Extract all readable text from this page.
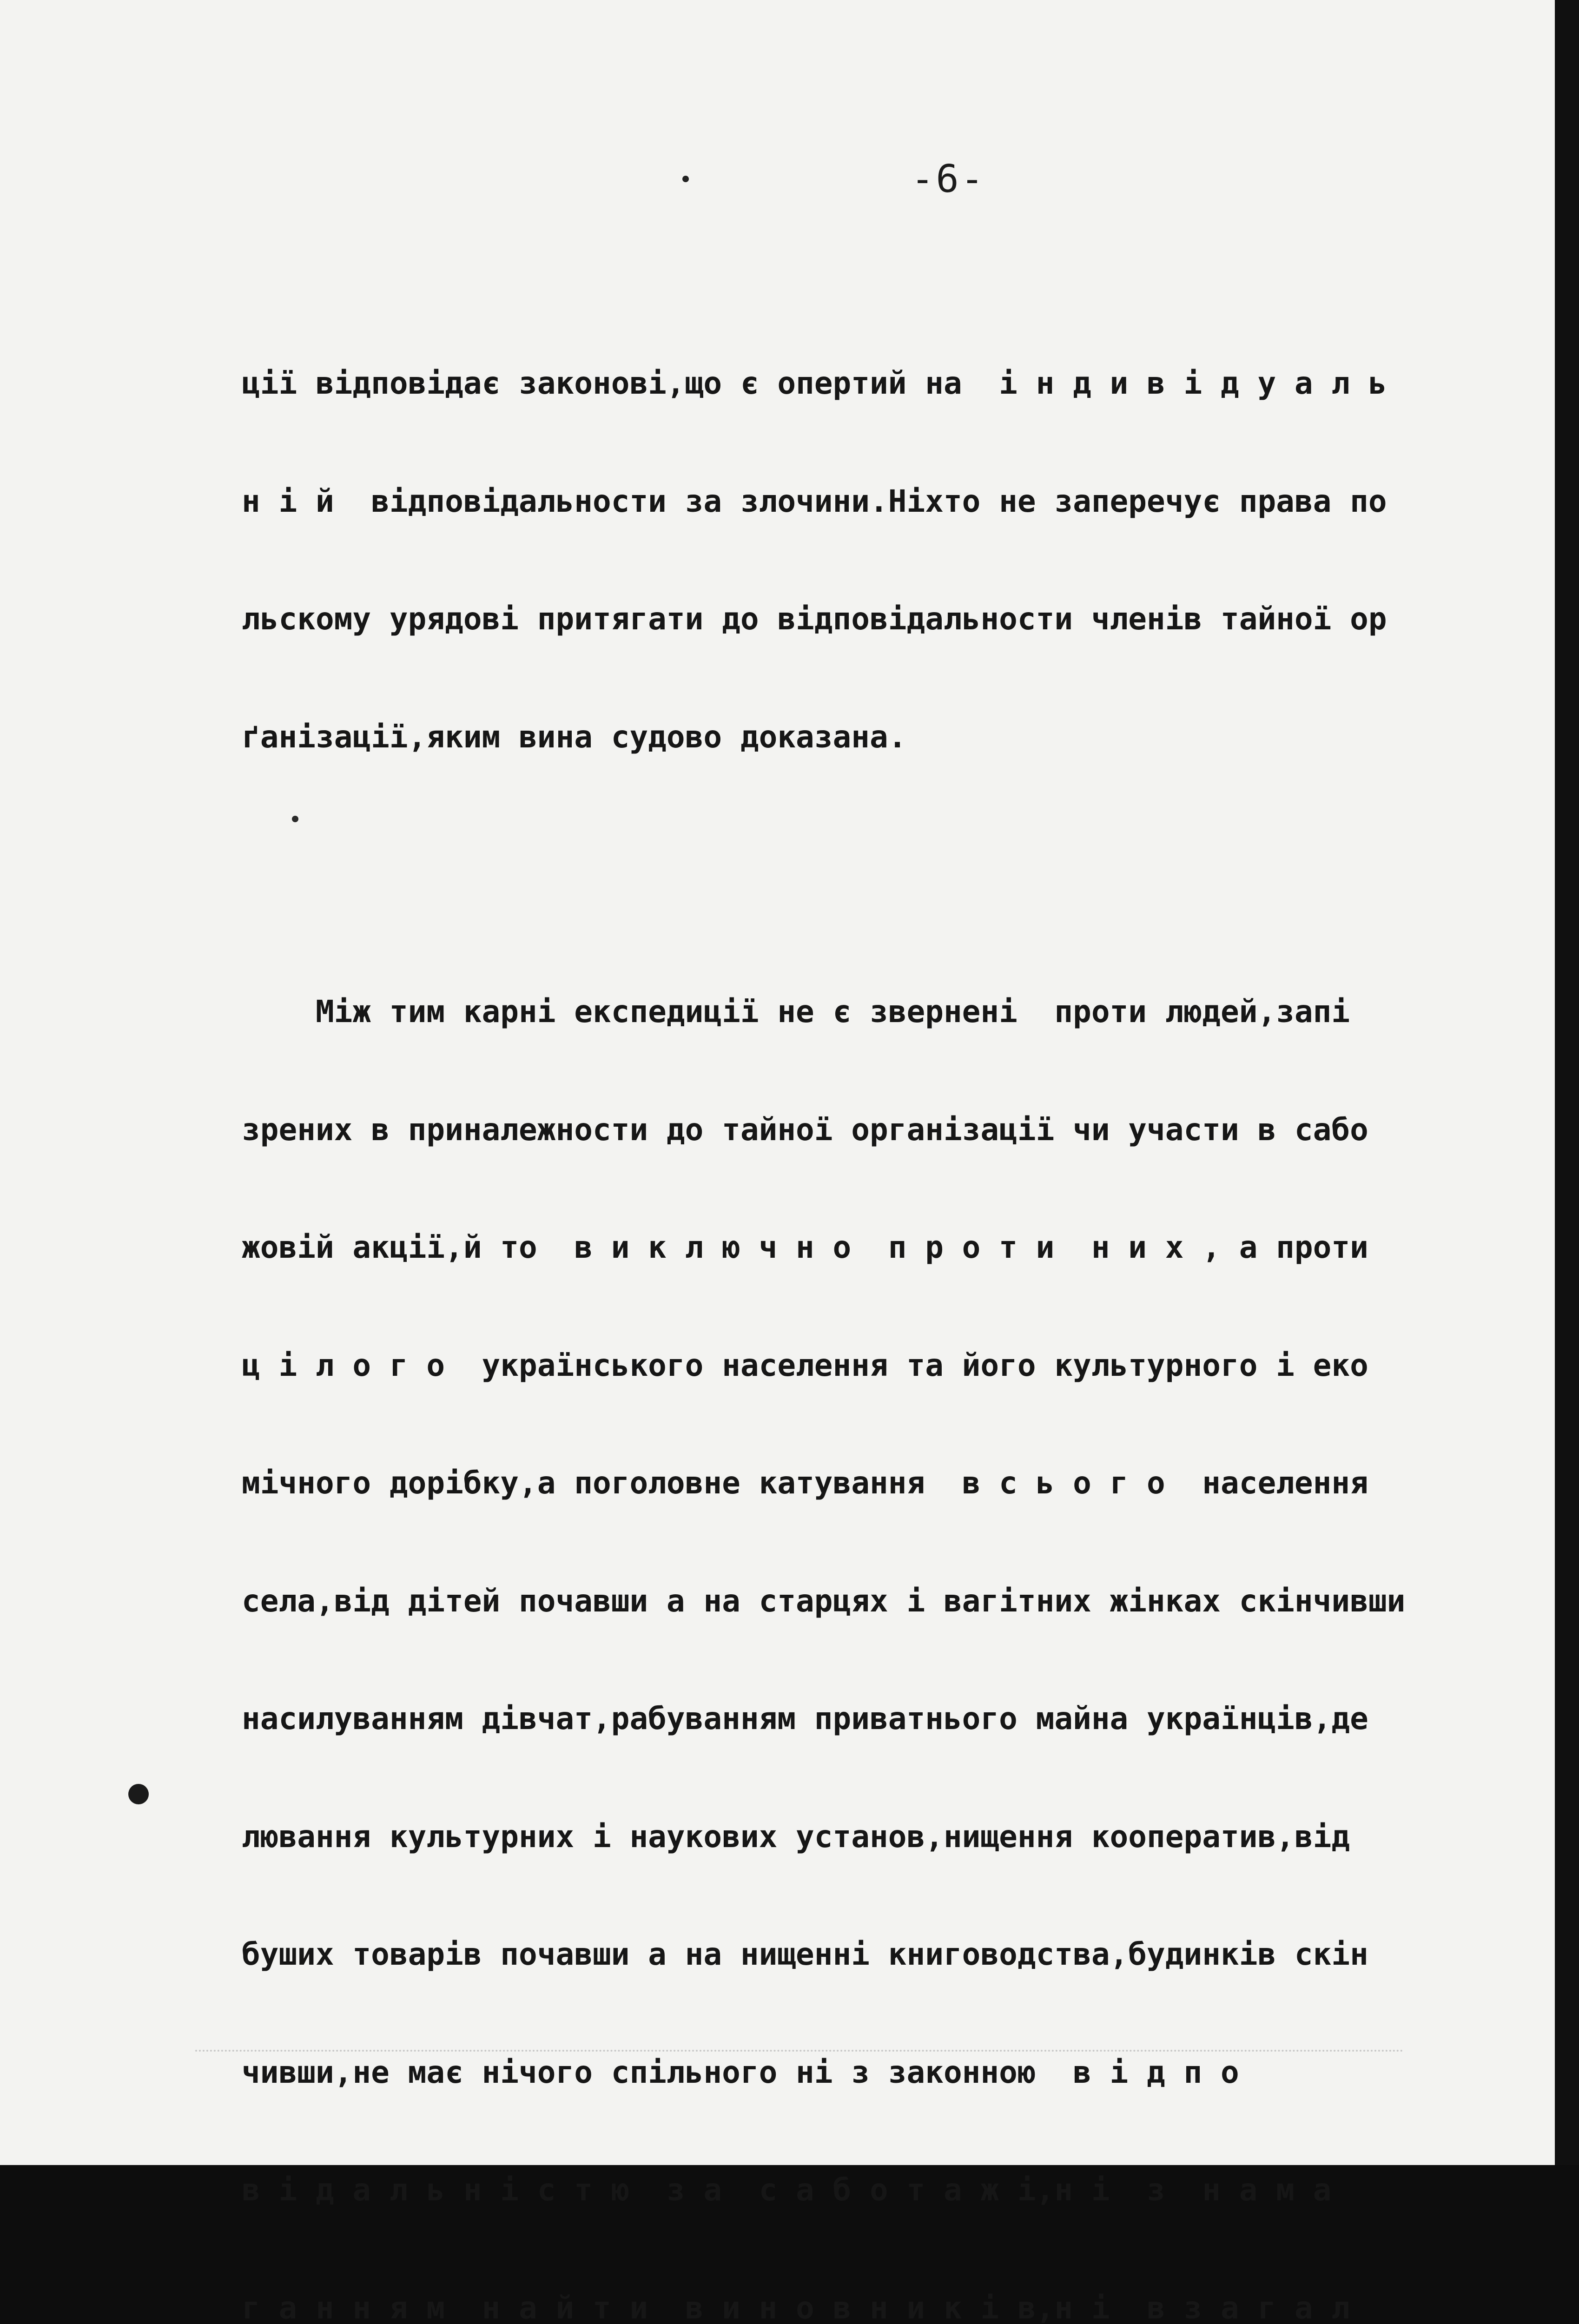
-6-

ції відповідає законові,що є опертий на  і н д и в і д у а л ь

н і й  відповідальности за злочини.Ніхто не заперечує права по

льскому урядові притягати до відповідальности членів тайної ор

ґанізації,яким вина судово доказана.

Між тим карні експедиції не є звернені  проти людей,запі

зрених в приналежности до тайної організації чи участи в сабо

жовій акції,й то  в и к л ю ч н о  п р о т и  н и х , а проти

ц і л о г о  українського населення та його культурного і еко

мічного дорібку,а поголовне катування  в с ь о г о  населення

села,від дітей почавши а на старцях і вагітних жінках скінчивши

насилуванням дівчат,рабуванням приватнього майна українців,де

лювання культурних і наукових установ,нищення кооператив,від

буших товарів почавши а на нищенні книговодства,будинків скін

чивши,не має нічого спільного ні з законною  в і д п о

в і д а л ь н і с т ю  з а  с а б о т а ж і,н і  з  н а м а

г а н н я м  н а й т и  в и н о в н и к і в,н і  в з а г а л
